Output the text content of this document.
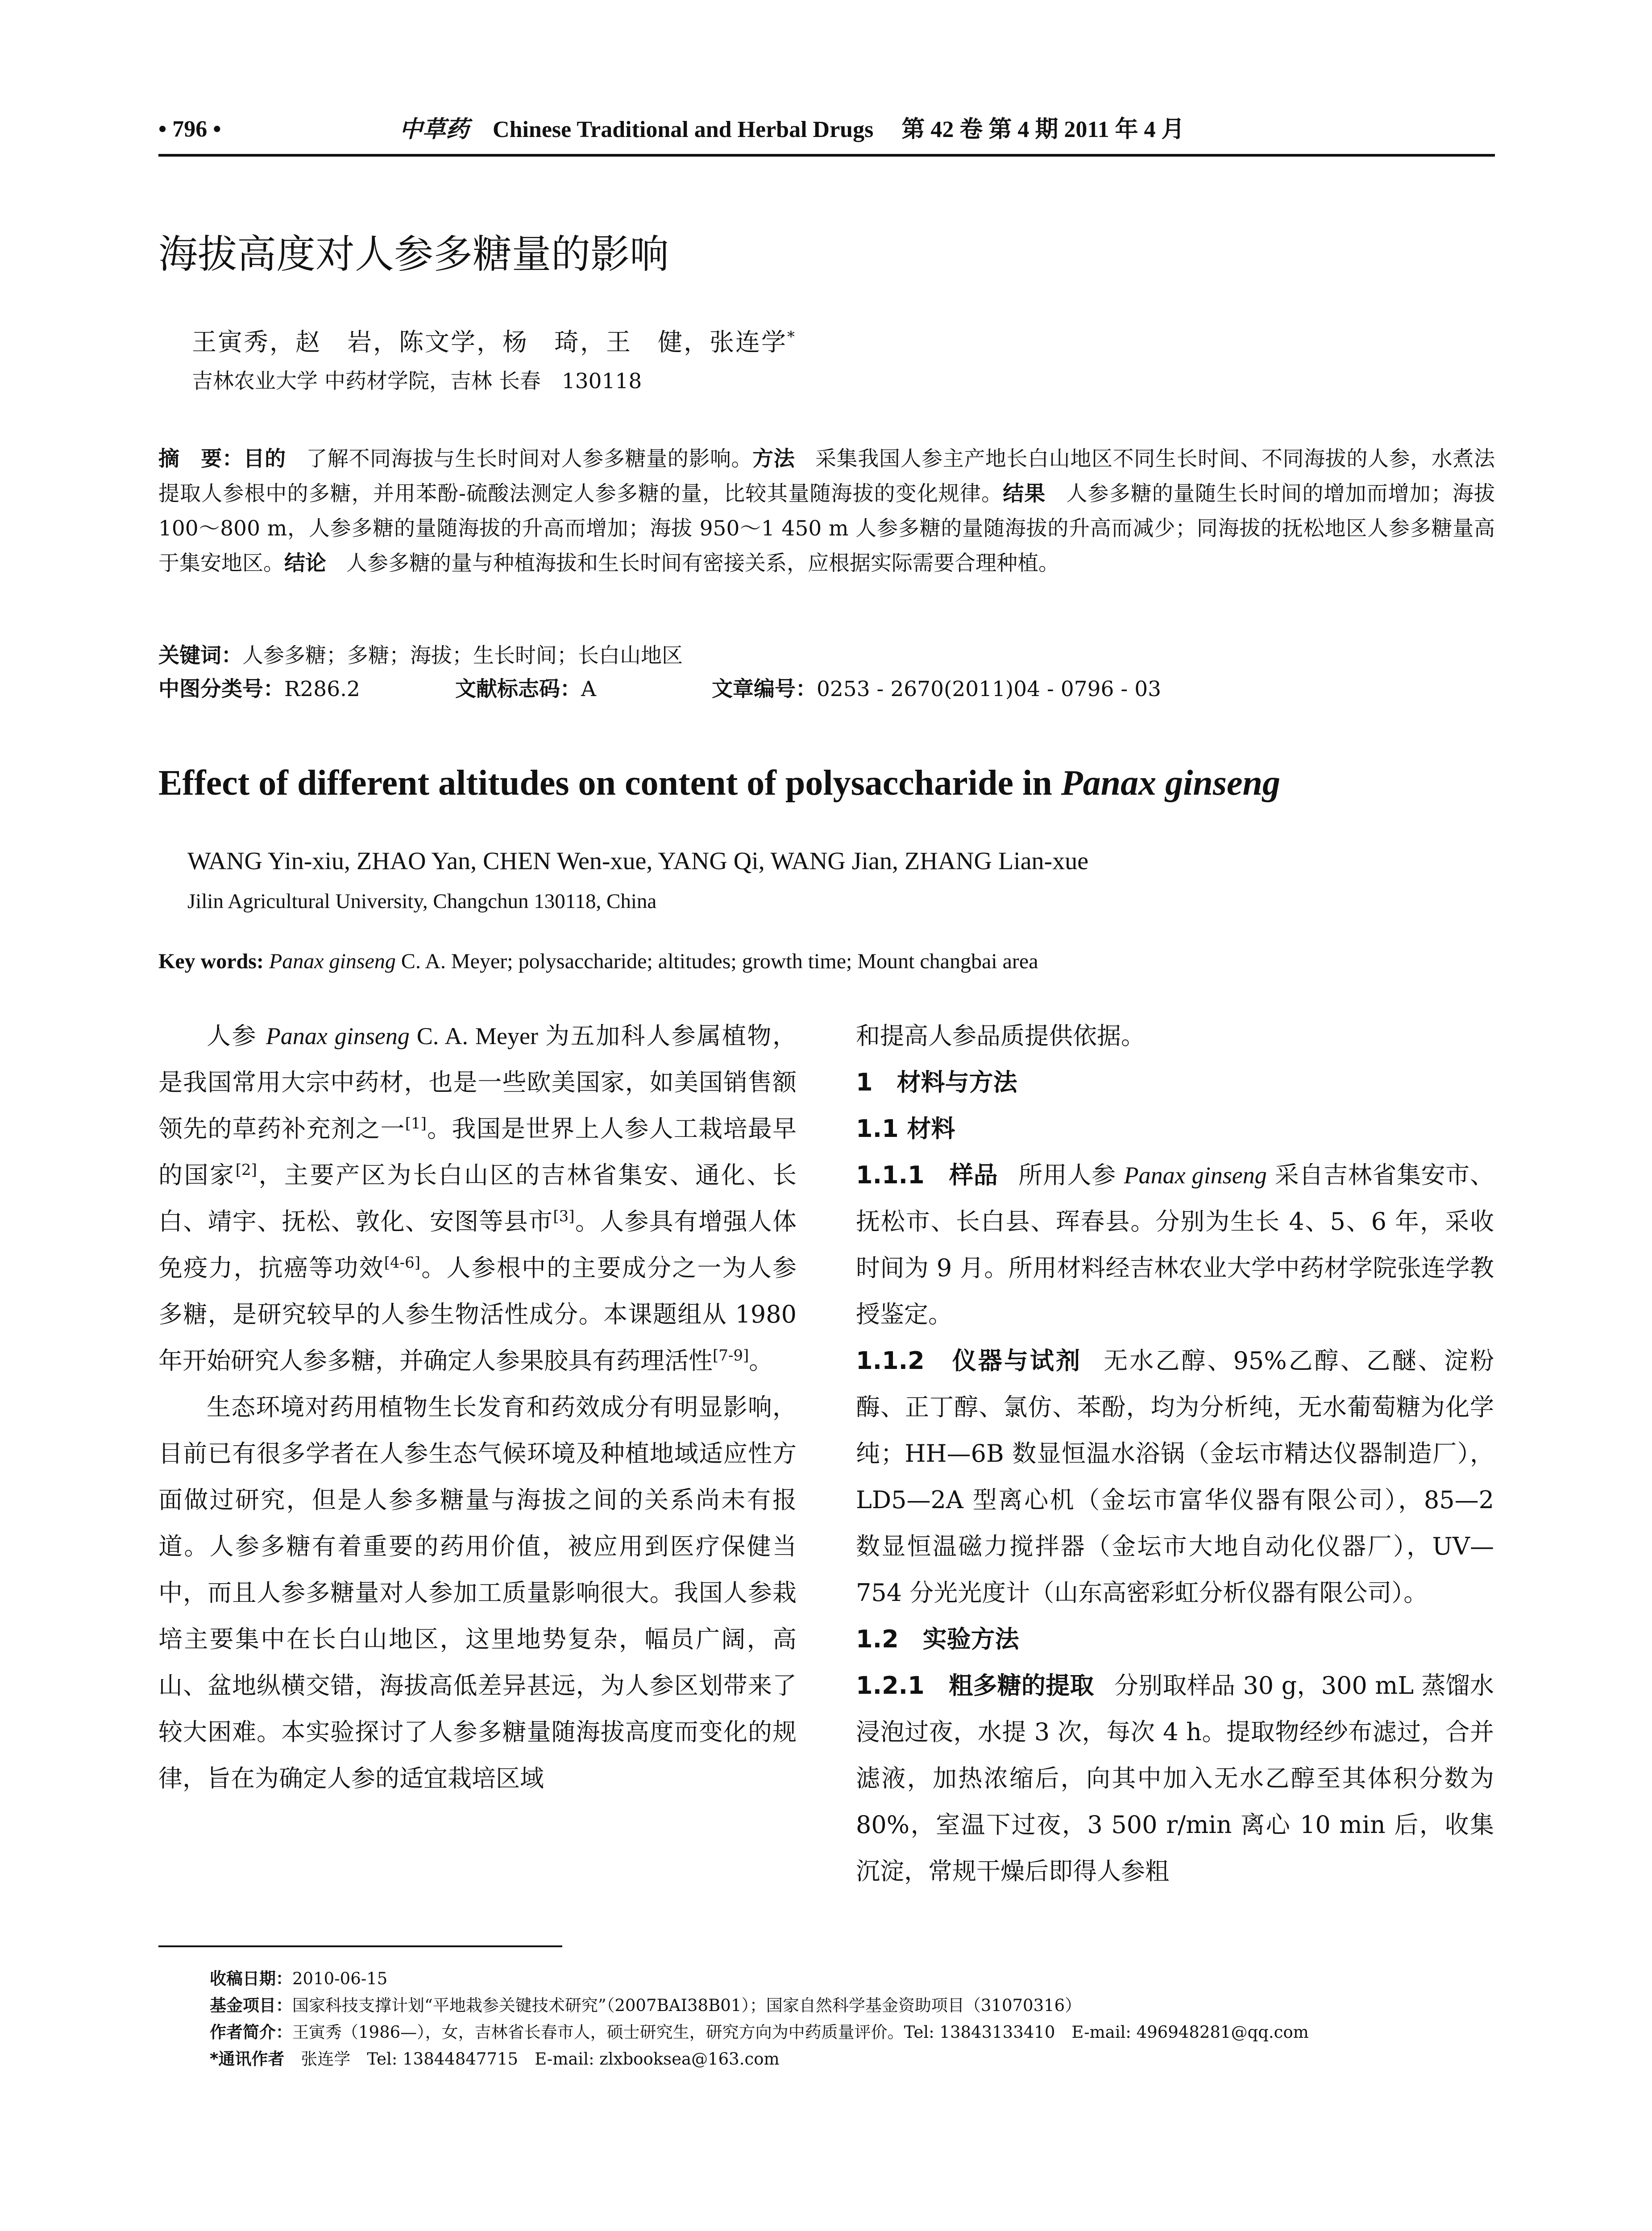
• 796 •	中草药 Chinese Traditional and Herbal Drugs 第 42 卷 第 4 期 2011 年 4 月
海拔高度对人参多糖量的影响
王寅秀，赵　岩，陈文学，杨　琦，王　健，张连学*
吉林农业大学 中药材学院，吉林 长春　130118
摘　要：目的 了解不同海拔与生长时间对人参多糖量的影响。方法 采集我国人参主产地长白山地区不同生长时间、不同海拔的人参，水煮法提取人参根中的多糖，并用苯酚-硫酸法测定人参多糖的量，比较其量随海拔的变化规律。结果 人参多糖的量随生长时间的增加而增加；海拔 100～800 m，人参多糖的量随海拔的升高而增加；海拔 950～1 450 m 人参多糖的量随海拔的升高而减少；同海拔的抚松地区人参多糖量高于集安地区。结论 人参多糖的量与种植海拔和生长时间有密接关系，应根据实际需要合理种植。
关键词：人参多糖；多糖；海拔；生长时间；长白山地区
中图分类号：R286.2	文献标志码：A	文章编号：0253 - 2670(2011)04 - 0796 - 03
Effect of different altitudes on content of polysaccharide in Panax ginseng
WANG Yin-xiu, ZHAO Yan, CHEN Wen-xue, YANG Qi, WANG Jian, ZHANG Lian-xue
Jilin Agricultural University, Changchun 130118, China
Key words: Panax ginseng C. A. Meyer; polysaccharide; altitudes; growth time; Mount changbai area

人参 Panax ginseng C. A. Meyer 为五加科人参属植物，是我国常用大宗中药材，也是一些欧美国家，如美国销售额领先的草药补充剂之一[1]。我国是世界上人参人工栽培最早的国家[2]，主要产区为长白山区的吉林省集安、通化、长白、靖宇、抚松、敦化、安图等县市[3]。人参具有增强人体免疫力，抗癌等功效[4-6]。人参根中的主要成分之一为人参多糖，是研究较早的人参生物活性成分。本课题组从 1980 年开始研究人参多糖，并确定人参果胶具有药理活性[7-9]。

生态环境对药用植物生长发育和药效成分有明显影响，目前已有很多学者在人参生态气候环境及种植地域适应性方面做过研究，但是人参多糖量与海拔之间的关系尚未有报道。人参多糖有着重要的药用价值，被应用到医疗保健当中，而且人参多糖量对人参加工质量影响很大。我国人参栽培主要集中在长白山地区，这里地势复杂，幅员广阔，高山、盆地纵横交错，海拔高低差异甚远，为人参区划带来了较大困难。本实验探讨了人参多糖量随海拔高度而变化的规律，旨在为确定人参的适宜栽培区域

和提高人参品质提供依据。

1　材料与方法

1.1 材料

1.1.1　样品 所用人参 Panax ginseng 采自吉林省集安市、抚松市、长白县、珲春县。分别为生长 4、5、6 年，采收时间为 9 月。所用材料经吉林农业大学中药材学院张连学教授鉴定。

1.1.2　仪器与试剂 无水乙醇、95%乙醇、乙醚、淀粉酶、正丁醇、氯仿、苯酚，均为分析纯，无水葡萄糖为化学纯；HH—6B 数显恒温水浴锅（金坛市精达仪器制造厂），LD5—2A 型离心机（金坛市富华仪器有限公司），85—2 数显恒温磁力搅拌器（金坛市大地自动化仪器厂），UV—754 分光光度计（山东高密彩虹分析仪器有限公司）。

1.2　实验方法

1.2.1　粗多糖的提取 分别取样品 30 g，300 mL 蒸馏水浸泡过夜，水提 3 次，每次 4 h。提取物经纱布滤过，合并滤液，加热浓缩后，向其中加入无水乙醇至其体积分数为 80%，室温下过夜，3 500 r/min 离心 10 min 后，收集沉淀，常规干燥后即得人参粗

收稿日期：2010-06-15
基金项目：国家科技支撑计划“平地栽参关键技术研究”（2007BAI38B01）；国家自然科学基金资助项目（31070316）
作者简介：王寅秀（1986—），女，吉林省长春市人，硕士研究生，研究方向为中药质量评价。Tel: 13843133410　E-mail: 496948281@qq.com
*通讯作者　 张连学　Tel: 13844847715　E-mail: zlxbooksea@163.com
